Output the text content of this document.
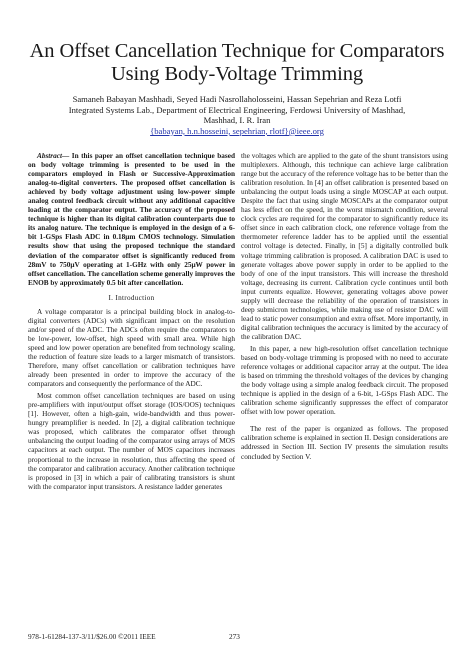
An Offset Cancellation Technique for Comparators
Using Body-Voltage Trimming
Samaneh Babayan Mashhadi, Seyed Hadi Nasrollaholosseini, Hassan Sepehrian and Reza Lotfi
Integrated Systems Lab., Department of Electrical Engineering, Ferdowsi University of Mashhad,
Mashhad, I. R. Iran
{babayan, h.n.hosseini, sepehrian, rlotf}@ieee.org

Abstract— In this paper an offset cancellation technique based on body voltage trimming is presented to be used in the comparators employed in Flash or Successive-Approximation analog-to-digital converters. The proposed offset cancellation is achieved by body voltage adjustment using low-power simple analog control feedback circuit without any additional capacitive loading at the comparator output. The accuracy of the proposed technique is higher than its digital calibration counterparts due to its analog nature. The technique is employed in the design of a 6-bit 1-GSps Flash ADC in 0.18μm CMOS technology. Simulation results show that using the proposed technique the standard deviation of the comparator offset is significantly reduced from 28mV to 750μV operating at 1-GHz with only 25μW power in offset cancellation. The cancellation scheme generally improves the ENOB by approximately 0.5 bit after cancellation.

I. Introduction

A voltage comparator is a principal building block in analog-to-digital converters (ADCs) with significant impact on the resolution and/or speed of the ADC. The ADCs often require the comparators to be low-power, low-offset, high speed with small area. While high speed and low power operation are benefited from technology scaling, the reduction of feature size leads to a larger mismatch of transistors. Therefore, many offset cancellation or calibration techniques have already been presented in order to improve the accuracy of the comparators and consequently the performance of the ADC.

Most common offset cancellation techniques are based on using pre-amplifiers with input/output offset storage (IOS/OOS) techniques [1]. However, often a high-gain, wide-bandwidth and thus power-hungry preamplifier is needed. In [2], a digital calibration technique was proposed, which calibrates the comparator offset through unbalancing the output loading of the comparator using arrays of MOS capacitors at each output. The number of MOS capacitors increases proportional to the increase in resolution, thus affecting the speed of the comparator and calibration accuracy. Another calibration technique is proposed in [3] in which a pair of calibrating transistors is shunt with the comparator input transistors. A resistance ladder generates

the voltages which are applied to the gate of the shunt transistors using multiplexers. Although, this technique can achieve large calibration range but the accuracy of the reference voltage has to be better than the calibration resolution. In [4] an offset calibration is presented based on unbalancing the output loads using a single MOSCAP at each output. Despite the fact that using single MOSCAPs at the comparator output has less effect on the speed, in the worst mismatch condition, several clock cycles are required for the comparator to significantly reduce its offset since in each calibration clock, one reference voltage from the thermometer reference ladder has to be applied until the essential control voltage is detected. Finally, in [5] a digitally controlled bulk voltage trimming calibration is proposed. A calibration DAC is used to generate voltages above power supply in order to be applied to the body of one of the input transistors. This will increase the threshold voltage, decreasing its current. Calibration cycle continues until both input currents equalize. However, generating voltages above power supply will decrease the reliability of the operation of transistors in deep submicron technologies, while making use of resistor DAC will lead to static power consumption and extra offset. More importantly, in digital calibration techniques the accuracy is limited by the accuracy of the calibration DAC.

In this paper, a new high-resolution offset cancellation technique based on body-voltage trimming is proposed with no need to accurate reference voltages or additional capacitor array at the output. The idea is based on trimming the threshold voltages of the devices by changing the body voltage using a simple analog feedback circuit. The proposed technique is applied in the design of a 6-bit, 1-GSps Flash ADC. The calibration scheme significantly suppresses the effect of comparator offset with low power operation.

The rest of the paper is organized as follows. The proposed calibration scheme is explained in section II. Design considerations are addressed in Section III. Section IV presents the simulation results concluded by Section V.

978-1-61284-137-3/11/$26.00 ©2011 IEEE	273
